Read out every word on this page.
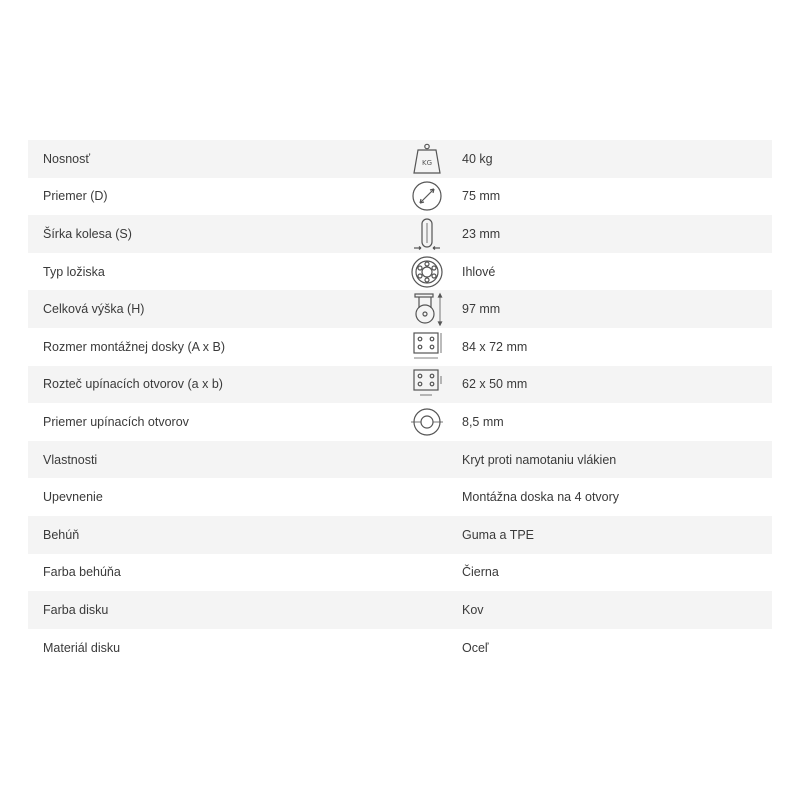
Nosnosť	KG 40 kg
Priemer (D)	75 mm
Šírka kolesa (S)	23 mm
Typ ložiska	Ihlové
Celková výška (H)	97 mm
Rozmer montážnej dosky (A x B)	84 x 72 mm
Rozteč upínacích otvorov (a x b)	62 x 50 mm
Priemer upínacích otvorov	8,5 mm
Vlastnosti	Kryt proti namotaniu vlákien
Upevnenie	Montážna doska na 4 otvory
Behúň	Guma a TPE
Farba behúňa	Čierna
Farba disku	Kov
Materiál disku	Oceľ
